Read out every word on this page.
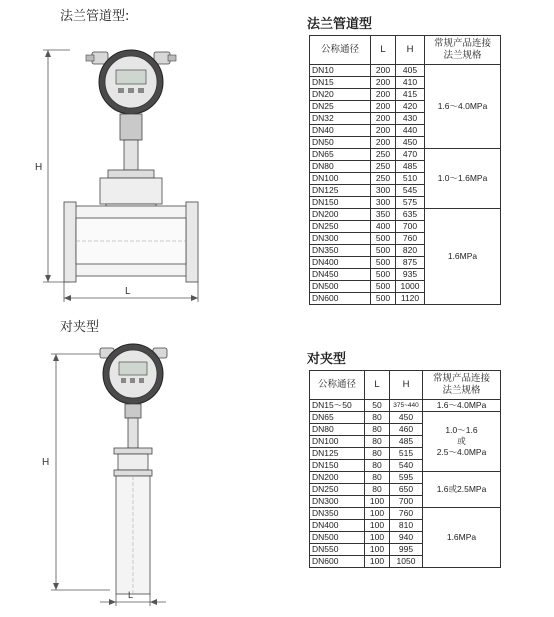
法兰管道型:
对夹型
H
L
H
L
法兰管道型
公称通径	L	H	常规产品连接
法兰规格
DN10	200	405	1.6～4.0MPa
DN15	200	410	
DN20	200	415	
DN25	200	420	
DN32	200	430	
DN40	200	440	
DN50	200	450	
DN65	250	470	1.0～1.6MPa
DN80	250	485	
DN100	250	510	
DN125	300	545	
DN150	300	575	
DN200	350	635	1.6MPa
DN250	400	700	
DN300	500	760	
DN350	500	820	
DN400	500	875	
DN450	500	935	
DN500	500	1000	
DN600	500	1120	
对夹型
公称通径	L	H	常规产品连接
法兰规格
DN15～50	50	375~440	1.6～4.0MPa
DN65	80	450	1.0～1.6
或
2.5～4.0MPa

DN80	80	460	
DN100	80	485	
DN125	80	515	
DN150	80	540	
DN200	80	595	1.6或2.5MPa
DN250	80	650	
DN300	100	700	
DN350	100	760	1.6MPa
DN400	100	810	
DN500	100	940	
DN550	100	995	
DN600	100	1050	
